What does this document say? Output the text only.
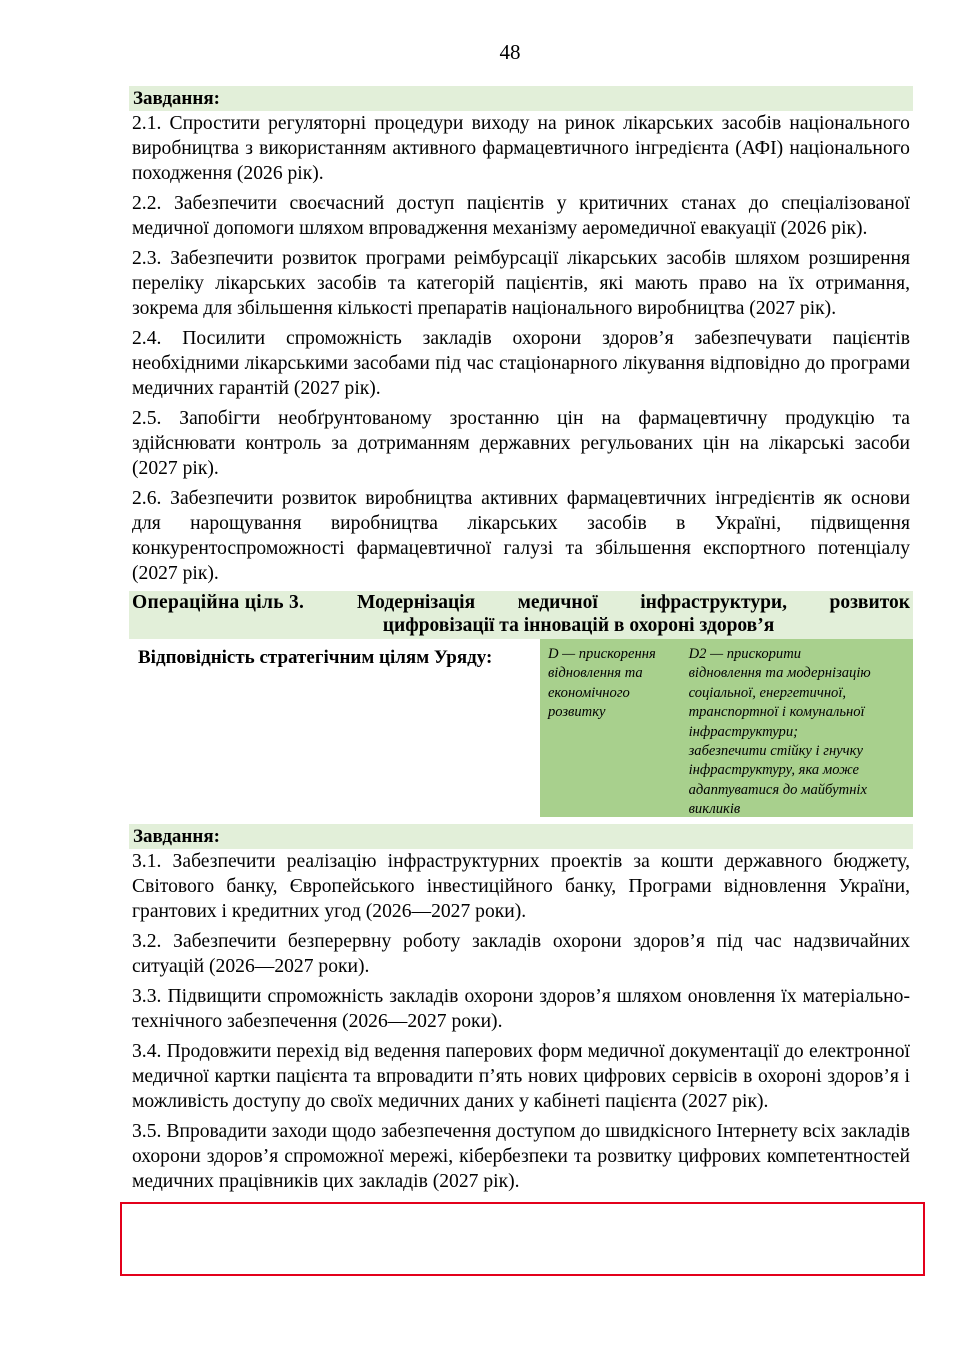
48
Завдання:
2.1. Спростити регуляторні процедури виходу на ринок лікарських засобів національного виробництва з використанням активного фармацевтичного інгредієнта (АФІ) національного походження (2026 рік).
2.2. Забезпечити своєчасний доступ пацієнтів у критичних станах до спеціалізованої медичної допомоги шляхом впровадження механізму аеромедичної евакуації (2026 рік).
2.3. Забезпечити розвиток програми реімбурсації лікарських засобів шляхом розширення переліку лікарських засобів та категорій пацієнтів, які мають право на їх отримання, зокрема для збільшення кількості препаратів національного виробництва (2027 рік).
2.4. Посилити спроможність закладів охорони здоров’я забезпечувати пацієнтів необхідними лікарськими засобами під час стаціонарного лікування відповідно до програми медичних гарантій (2027 рік).
2.5. Запобігти необґрунтованому зростанню цін на фармацевтичну продукцію та здійснювати контроль за дотриманням державних регульованих цін на лікарські засоби (2027 рік).
2.6. Забезпечити розвиток виробництва активних фармацевтичних інгредієнтів як основи для нарощування виробництва лікарських засобів в Україні, підвищення конкурентоспроможності фармацевтичної галузі та збільшення експортного потенціалу (2027 рік).
Операційна ціль 3.	Модернізація медичної інфраструктури, розвиток
цифровізації та інновацій в охороні здоров’я
Відповідність стратегічним цілям Уряду:	D — прискорення
відновлення та
економічного
розвитку
D2 — прискорити
відновлення та модернізацію
соціальної, енергетичної,
транспортної і комунальної
інфраструктури;
забезпечити стійку і гнучку
інфраструктуру, яка може
адаптуватися до майбутніх
викликів
Завдання:
3.1. Забезпечити реалізацію інфраструктурних проектів за кошти державного бюджету, Світового банку, Європейського інвестиційного банку, Програми відновлення України, грантових і кредитних угод (2026—2027 роки).
3.2. Забезпечити безперервну роботу закладів охорони здоров’я під час надзвичайних ситуацій (2026—2027 роки).
3.3. Підвищити спроможність закладів охорони здоров’я шляхом оновлення їх матеріально-технічного забезпечення (2026—2027 роки).
3.4. Продовжити перехід від ведення паперових форм медичної документації до електронної медичної картки пацієнта та впровадити п’ять нових цифрових сервісів в охороні здоров’я і можливість доступу до своїх медичних даних у кабінеті пацієнта (2027 рік).
3.5. Впровадити заходи щодо забезпечення доступом до швидкісного Інтернету всіх закладів охорони здоров’я спроможної мережі, кібербезпеки та розвитку цифрових компетентностей медичних працівників цих закладів (2027 рік).
